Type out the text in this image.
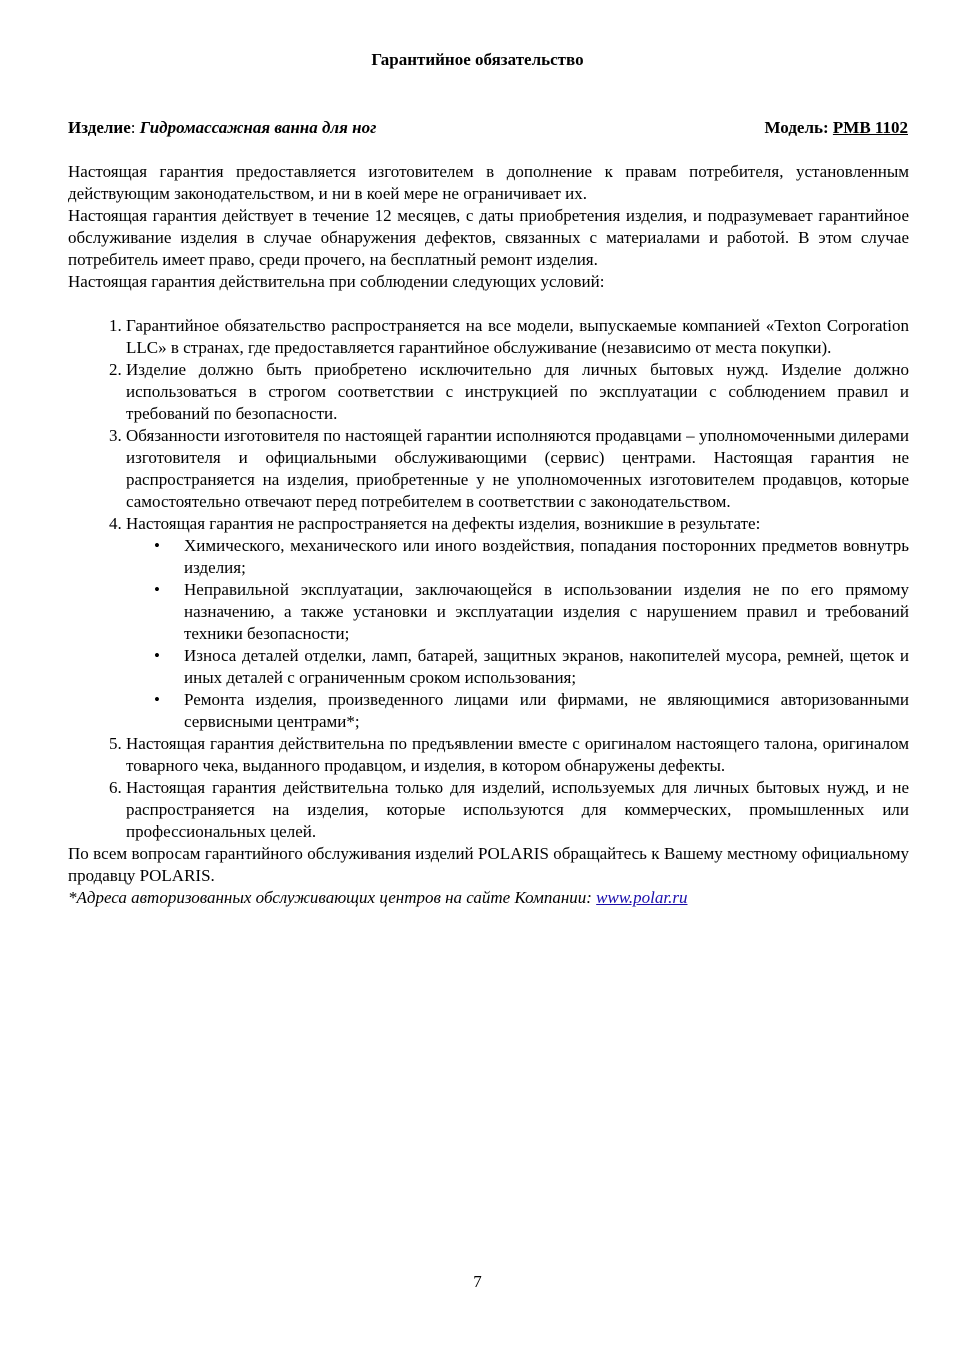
Гарантийное обязательство
Изделие: Гидромассажная ванна для ног	Модель: PMB 1102

Настоящая гарантия предоставляется изготовителем в дополнение к правам потребителя, установленным действующим законодательством, и ни в коей мере не ограничивает их.

Настоящая гарантия действует в течение 12 месяцев, с даты приобретения изделия, и подразумевает гарантийное обслуживание изделия в случае обнаружения дефектов, связанных с материалами и работой. В этом случае потребитель имеет право, среди прочего, на бесплатный ремонт изделия.

Настоящая гарантия действительна при соблюдении следующих условий:

1. Гарантийное обязательство распространяется на все модели, выпускаемые компанией «Texton Corporation LLC» в странах, где предоставляется гарантийное обслуживание (независимо от места покупки).
2. Изделие должно быть приобретено исключительно для личных бытовых нужд. Изделие должно использоваться в строгом соответствии с инструкцией по эксплуатации с соблюдением правил и требований по безопасности.
3. Обязанности изготовителя по настоящей гарантии исполняются продавцами – уполномоченными дилерами изготовителя и официальными обслуживающими (сервис) центрами. Настоящая гарантия не распространяется на изделия, приобретенные у не уполномоченных изготовителем продавцов, которые самостоятельно отвечают перед потребителем в соответствии с законодательством.
4. Настоящая гарантия не распространяется на дефекты изделия, возникшие в результате:
• Химического, механического или иного воздействия, попадания посторонних предметов вовнутрь изделия;
• Неправильной эксплуатации, заключающейся в использовании изделия не по его прямому назначению, а также установки и эксплуатации изделия с нарушением правил и требований техники безопасности;
• Износа деталей отделки, ламп, батарей, защитных экранов, накопителей мусора, ремней, щеток и иных деталей с ограниченным сроком использования;
• Ремонта изделия, произведенного лицами или фирмами, не являющимися авторизованными сервисными центрами*;
5. Настоящая гарантия действительна по предъявлении вместе с оригиналом настоящего талона, оригиналом товарного чека, выданного продавцом, и изделия, в котором обнаружены дефекты.
6. Настоящая гарантия действительна только для изделий, используемых для личных бытовых нужд, и не распространяется на изделия, которые используются для коммерческих, промышленных или профессиональных целей.

По всем вопросам гарантийного обслуживания изделий POLARIS обращайтесь к Вашему местному официальному продавцу POLARIS.

*Адреса авторизованных обслуживающих центров на сайте Компании: www.polar.ru

7
